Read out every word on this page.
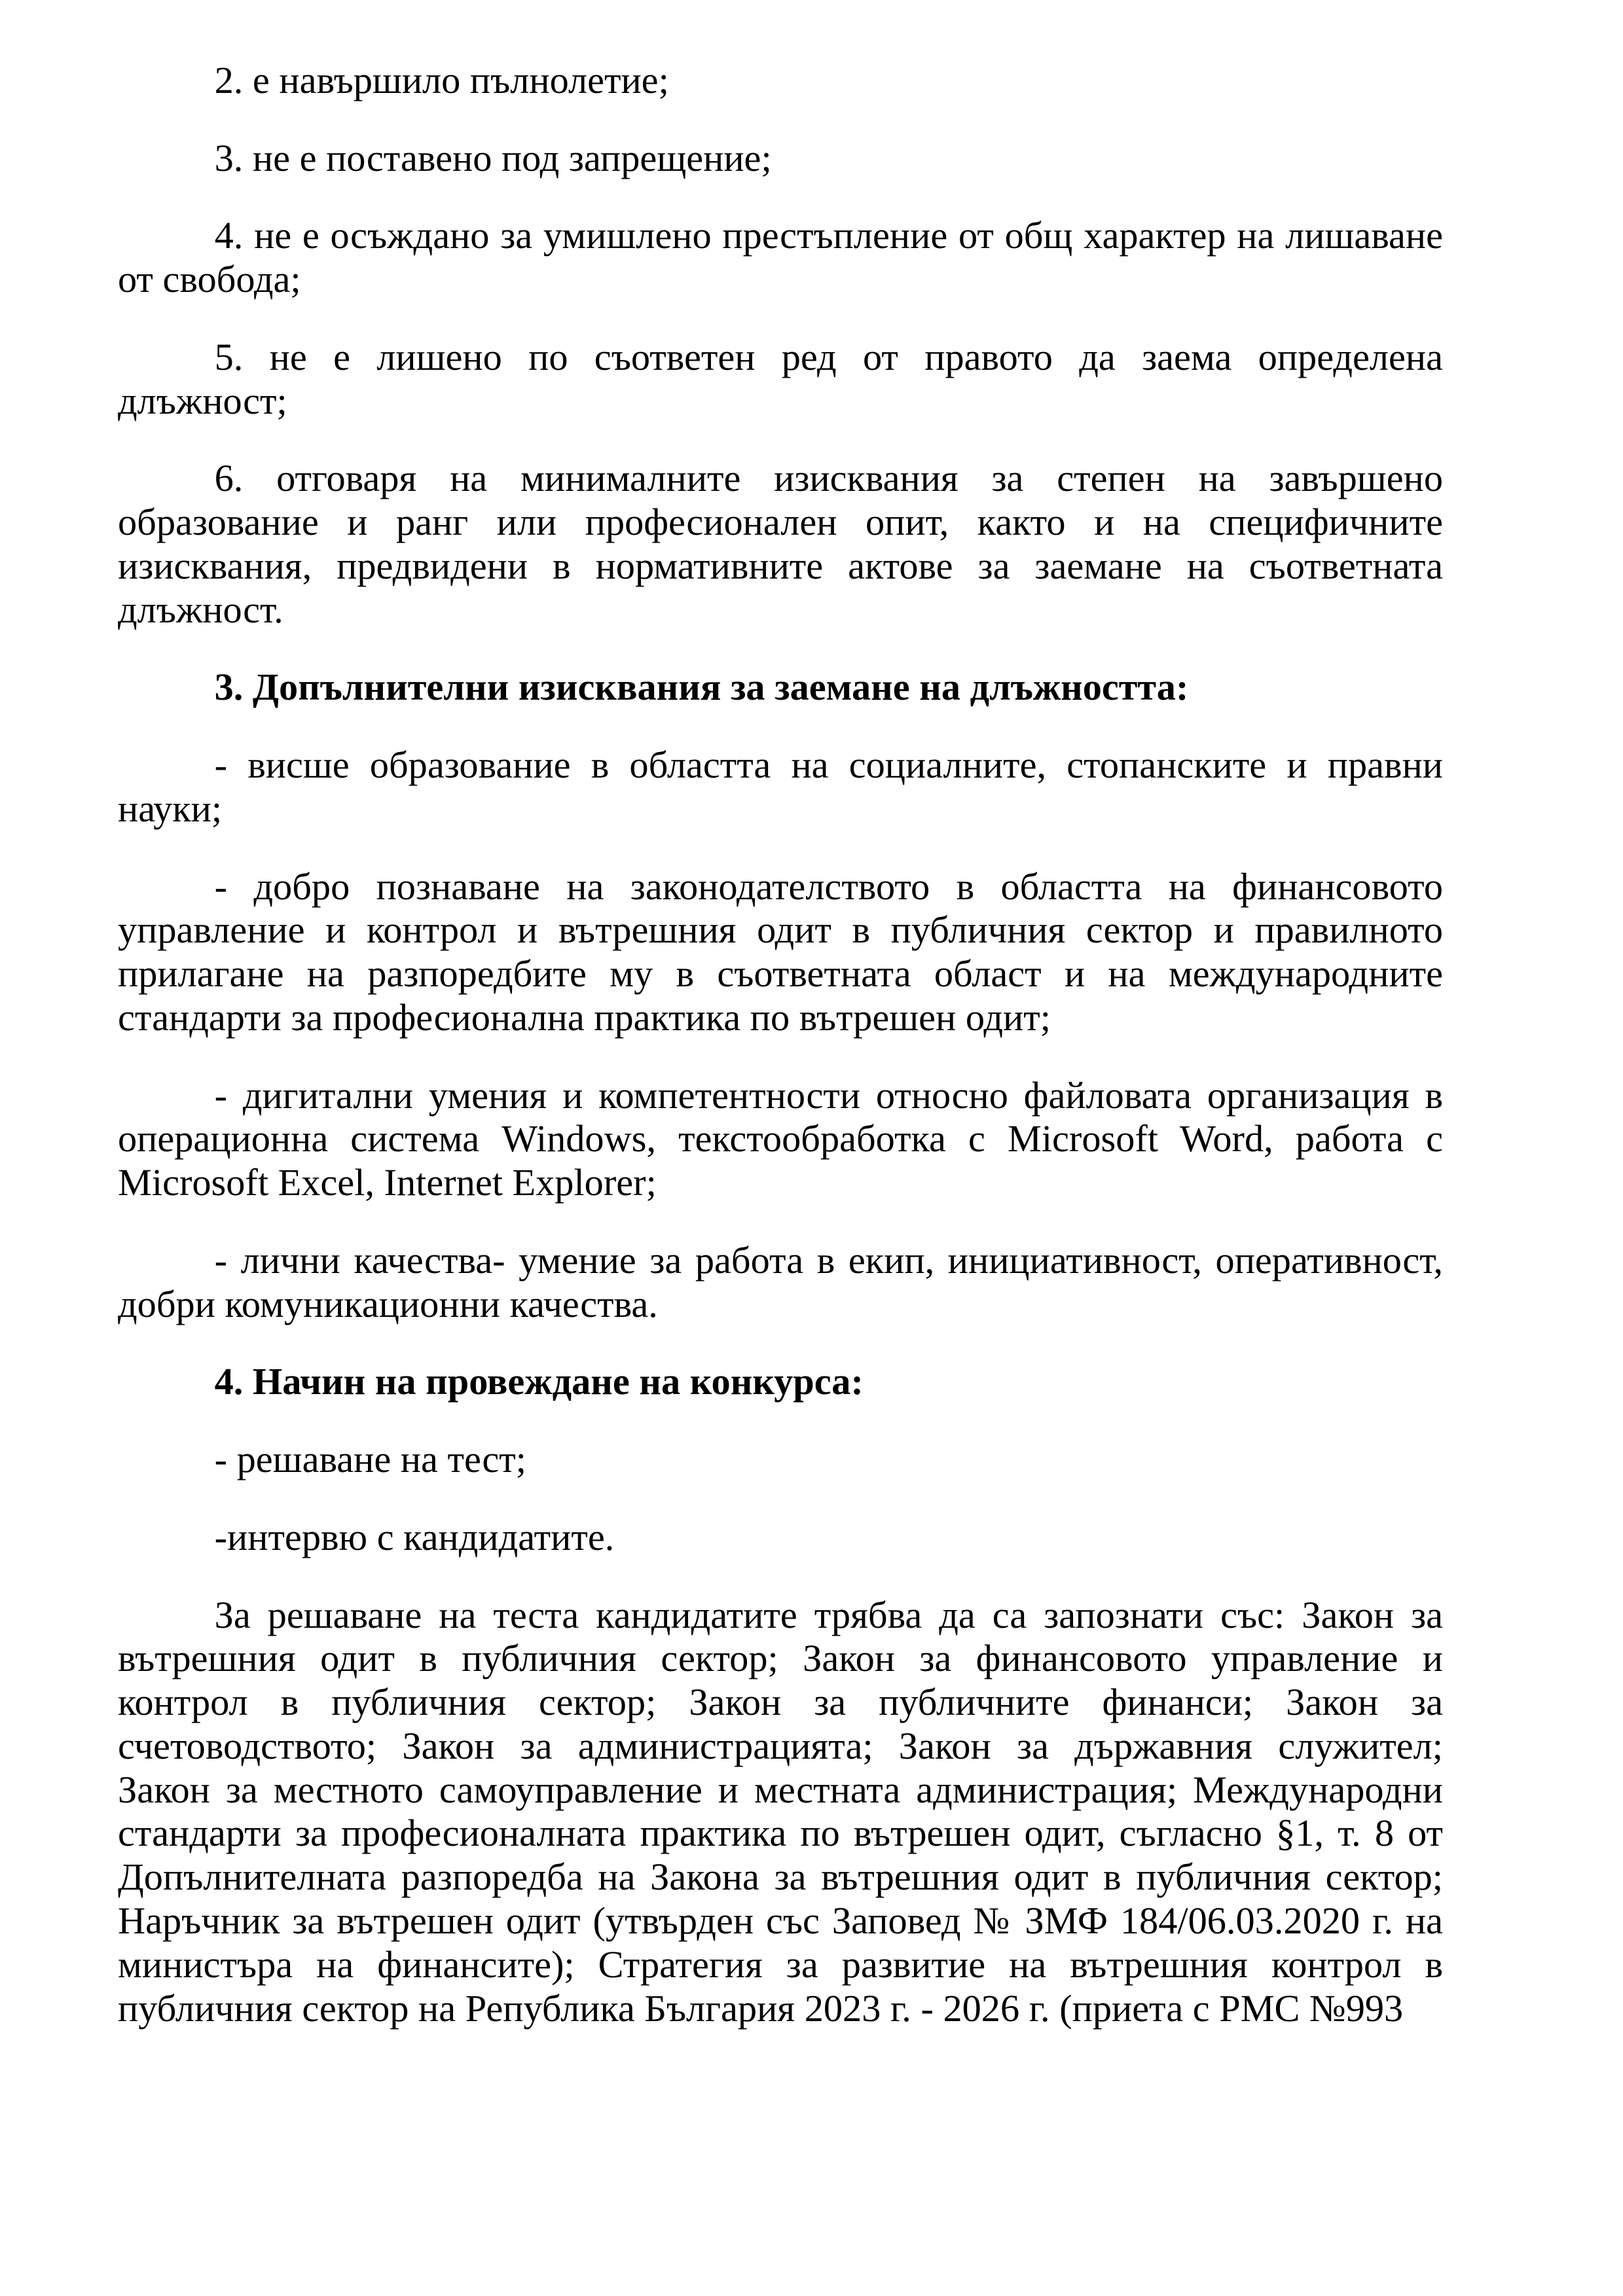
2. е навършило пълнолетие;
3. не е поставено под запрещение;
4. не е осъждано за умишлено престъпление от общ характер на лишаване
от свобода;
5. не е лишено по съответен ред от правото да заема определена
длъжност;
6. отговаря на минималните изисквания за степен на завършено
образование и ранг или професионален опит, както и на специфичните
изисквания, предвидени в нормативните актове за заемане на съответната
длъжност.
3. Допълнителни изисквания за заемане на длъжността:
- висше образование в областта на социалните, стопанските и правни
науки;
- добро познаване на законодателството в областта на финансовото
управление и контрол и вътрешния одит в публичния сектор и правилното
прилагане на разпоредбите му в съответната област и на международните
стандарти за професионална практика по вътрешен одит;
- дигитални умения и компетентности относно файловата организация в
операционна система Windows, текстообработка с Microsoft Word, работа с
Microsoft Excel, Internet Explorer;
- лични качества- умение за работа в екип, инициативност, оперативност,
добри комуникационни качества.
4. Начин на провеждане на конкурса:
- решаване на тест;
-интервю с кандидатите.
За решаване на теста кандидатите трябва да са запознати със: Закон за
вътрешния одит в публичния сектор; Закон за финансовото управление и
контрол в публичния сектор; Закон за публичните финанси; Закон за
счетоводството; Закон за администрацията; Закон за държавния служител;
Закон за местното самоуправление и местната администрация; Международни
стандарти за професионалната практика по вътрешен одит, съгласно §1, т. 8 от
Допълнителната разпоредба на Закона за вътрешния одит в публичния сектор;
Наръчник за вътрешен одит (утвърден със Заповед № ЗМФ 184/06.03.2020 г. на
министъра на финансите); Стратегия за развитие на вътрешния контрол в
публичния сектор на Република България 2023 г. - 2026 г. (приета с РМС №993
